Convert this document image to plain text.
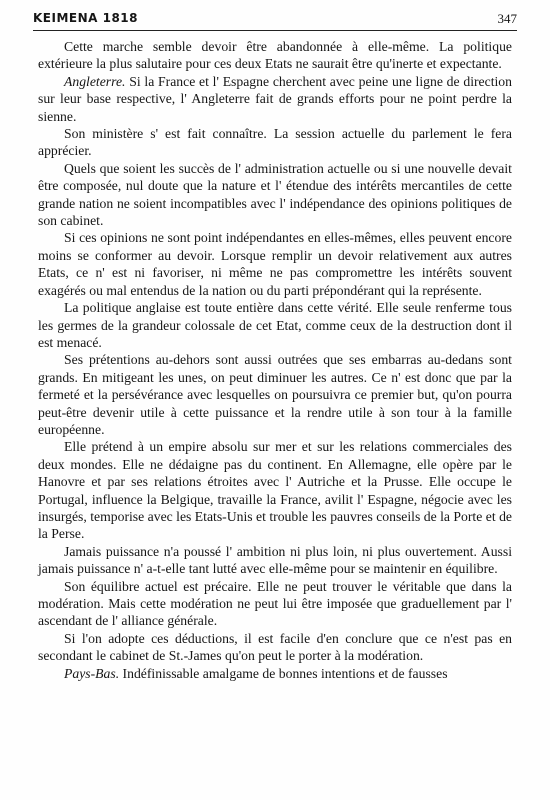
KEIMENA 1818	347

Cette marche semble devoir être abandonnée à elle-même. La politique extérieure la plus salutaire pour ces deux Etats ne saurait être qu'inerte et expectante.

Angleterre. Si la France et l' Espagne cherchent avec peine une ligne de direction sur leur base respective, l' Angleterre fait de grands efforts pour ne point perdre la sienne.

Son ministère s' est fait connaître. La session actuelle du parlement le fera apprécier.

Quels que soient les succès de l' administration actuelle ou si une nouvelle devait être composée, nul doute que la nature et l' étendue des intérêts mercantiles de cette grande nation ne soient incompatibles avec l' indépendance des opinions politiques de son cabinet.

Si ces opinions ne sont point indépendantes en elles-mêmes, elles peuvent encore moins se conformer au devoir. Lorsque remplir un devoir relativement aux autres Etats, ce n' est ni favoriser, ni même ne pas compromettre les intérêts souvent exagérés ou mal entendus de la nation ou du parti prépondérant qui la représente.

La politique anglaise est toute entière dans cette vérité. Elle seule renferme tous les germes de la grandeur colossale de cet Etat, comme ceux de la destruction dont il est menacé.

Ses prétentions au-dehors sont aussi outrées que ses embarras au-dedans sont grands. En mitigeant les unes, on peut diminuer les autres. Ce n' est donc que par la fermeté et la persévérance avec lesquelles on poursuivra ce premier but, qu'on pourra peut-être devenir utile à cette puissance et la rendre utile à son tour à la famille européenne.

Elle prétend à un empire absolu sur mer et sur les relations commerciales des deux mondes. Elle ne dédaigne pas du continent. En Allemagne, elle opère par le Hanovre et par ses relations étroites avec l' Autriche et la Prusse. Elle occupe le Portugal, influence la Belgique, travaille la France, avilit l' Espagne, négocie avec les insurgés, temporise avec les Etats-Unis et trouble les pauvres conseils de la Porte et de la Perse.

Jamais puissance n'a poussé l' ambition ni plus loin, ni plus ouvertement. Aussi jamais puissance n' a-t-elle tant lutté avec elle-même pour se maintenir en équilibre.

Son équilibre actuel est précaire. Elle ne peut trouver le véritable que dans la modération. Mais cette modération ne peut lui être imposée que graduellement par l' ascendant de l' alliance générale.

Si l'on adopte ces déductions, il est facile d'en conclure que ce n'est pas en secondant le cabinet de St.-James qu'on peut le porter à la modération.

Pays-Bas. Indéfinissable amalgame de bonnes intentions et de fausses
